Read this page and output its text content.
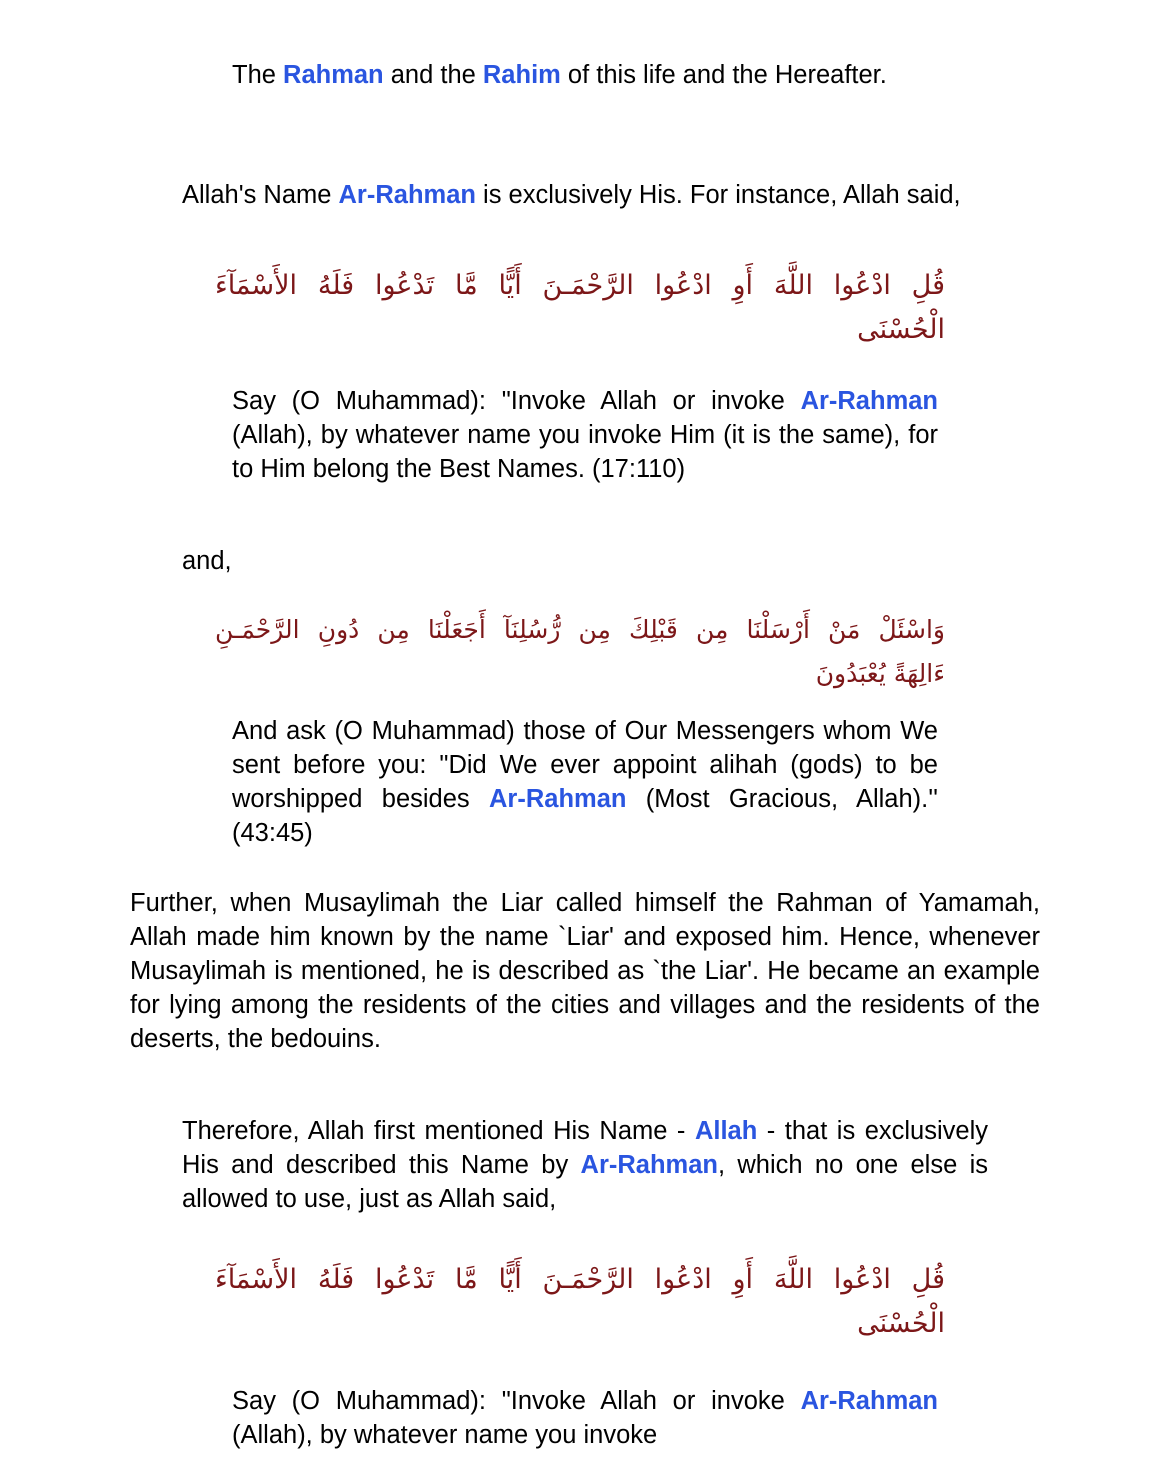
The Rahman and the Rahim of this life and the Hereafter.
Allah's Name Ar-Rahman is exclusively His. For instance, Allah said,
قُلِ ادْعُوا اللَّهَ أَوِ ادْعُوا الرَّحْمَـنَ أَيًّا مَّا تَدْعُوا فَلَهُ الأَسْمَآءَ
الْحُسْنَى
Say (O Muhammad): "Invoke Allah or invoke Ar-Rahman (Allah), by whatever name you invoke Him (it is the same), for to Him belong the Best Names. (17:110)
and,
وَاسْئَلْ مَنْ أَرْسَلْنَا مِن قَبْلِكَ مِن رُّسُلِنَآ أَجَعَلْنَا مِن دُونِ الرَّحْمَـنِ
ءَالِهَةً يُعْبَدُونَ
And ask (O Muhammad) those of Our Messengers whom We sent before you: "Did We ever appoint alihah (gods) to be worshipped besides Ar-Rahman (Most Gracious, Allah).'' (43:45)
Further, when Musaylimah the Liar called himself the Rahman of Yamamah, Allah made him known by the name `Liar' and exposed him. Hence, whenever Musaylimah is mentioned, he is described as `the Liar'. He became an example for lying among the residents of the cities and villages and the residents of the deserts, the bedouins.
Therefore, Allah first mentioned His Name - Allah - that is exclusively His and described this Name by Ar-Rahman, which no one else is allowed to use, just as Allah said,
قُلِ ادْعُوا اللَّهَ أَوِ ادْعُوا الرَّحْمَـنَ أَيًّا مَّا تَدْعُوا فَلَهُ الأَسْمَآءَ
الْحُسْنَى
Say (O Muhammad): "Invoke Allah or invoke Ar-Rahman (Allah), by whatever name you invoke
